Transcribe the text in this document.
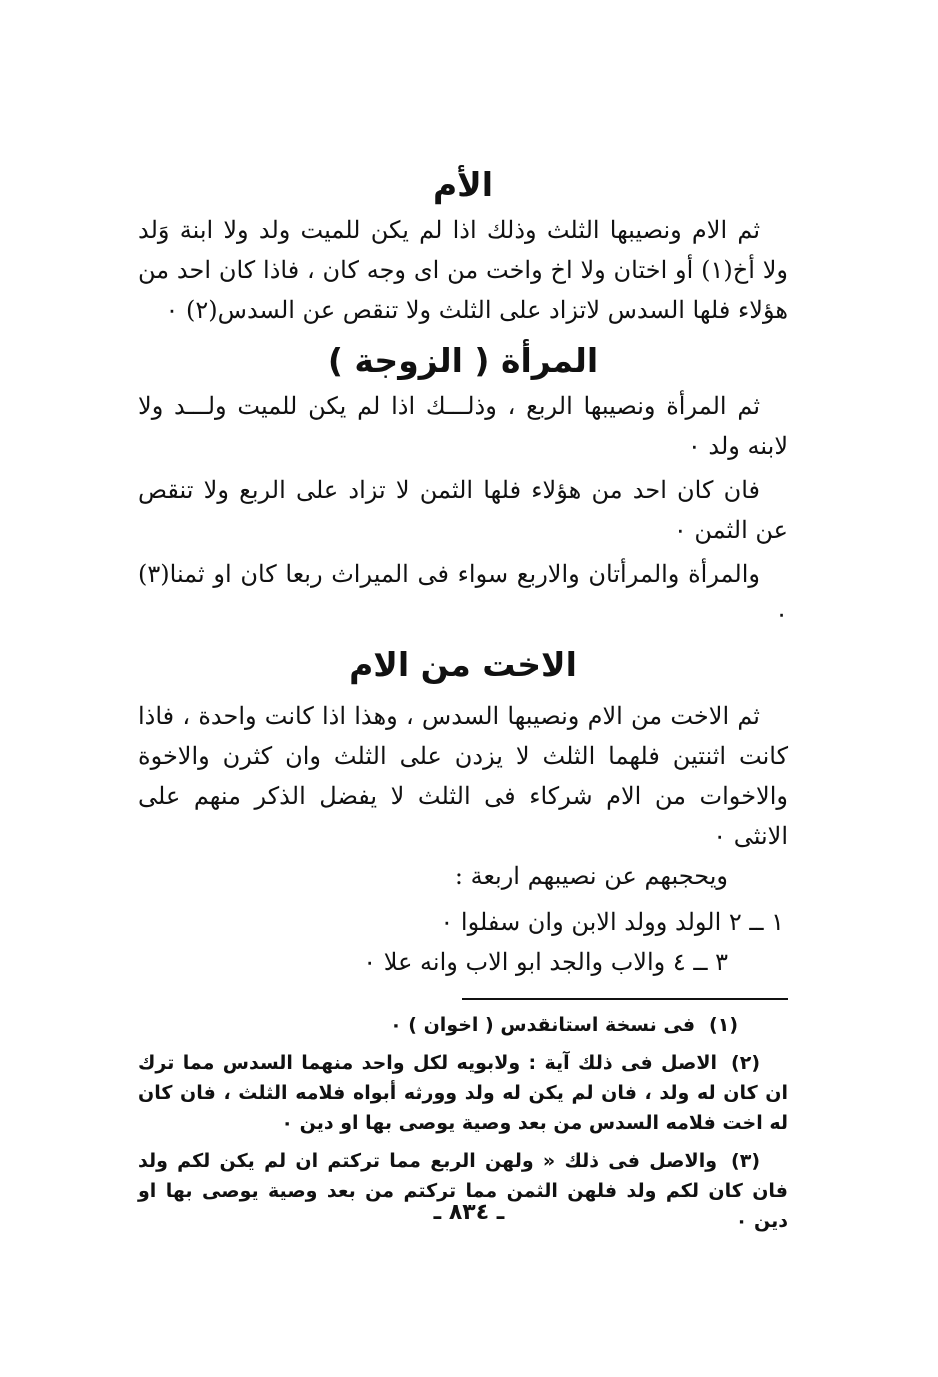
الأم

ثم الام ونصيبها الثلث وذلك اذا لم يكن للميت ولد ولا ابنة وَلد ولا أخ(١) أو اختان ولا اخ واخت من اى وجه كان ، فاذا كان احد من هؤلاء فلها السدس لاتزاد على الثلث ولا تنقص عن السدس(٢) ٠

المرأة ( الزوجة )

ثم المرأة ونصيبها الربع ، وذلـــك اذا لم يكن للميت ولـــد ولا لابنه ولد ٠

فان كان احد من هؤلاء فلها الثمن لا تزاد على الربع ولا تنقص عن الثمن ٠

والمرأة والمرأتان والاربع سواء فى الميراث ربعا كان او ثمنا(٣) ٠

الاخت من الام

ثم الاخت من الام ونصيبها السدس ، وهذا اذا كانت واحدة ، فاذا كانت اثنتين فلهما الثلث لا يزدن على الثلث وان كثرن والاخوة والاخوات من الام شركاء فى الثلث لا يفضل الذكر منهم على الانثى ٠

ويحجبهم عن نصيبهم اربعة :

١ ــ ٢ الولد وولد الابن وان سفلوا ٠

٣ ــ ٤ والاب والجد ابو الاب وانه علا ٠

(١)فى نسخة استانقدس ( اخوان ) ٠

(٢)الاصل فى ذلك آية : ولابويه لكل واحد منهما السدس مما ترك ان كان له ولد ، فان لم يكن له ولد وورثه أبواه فلامه الثلث ، فان كان له اخت فلامه السدس من بعد وصية يوصى بها او دين ٠

(٣)والاصل فى ذلك « ولهن الربع مما تركتم ان لم يكن لكم ولد فان كان لكم ولد فلهن الثمن مما تركتم من بعد وصية يوصى بها او دين ٠

ـ ٨٣٤ ـ
